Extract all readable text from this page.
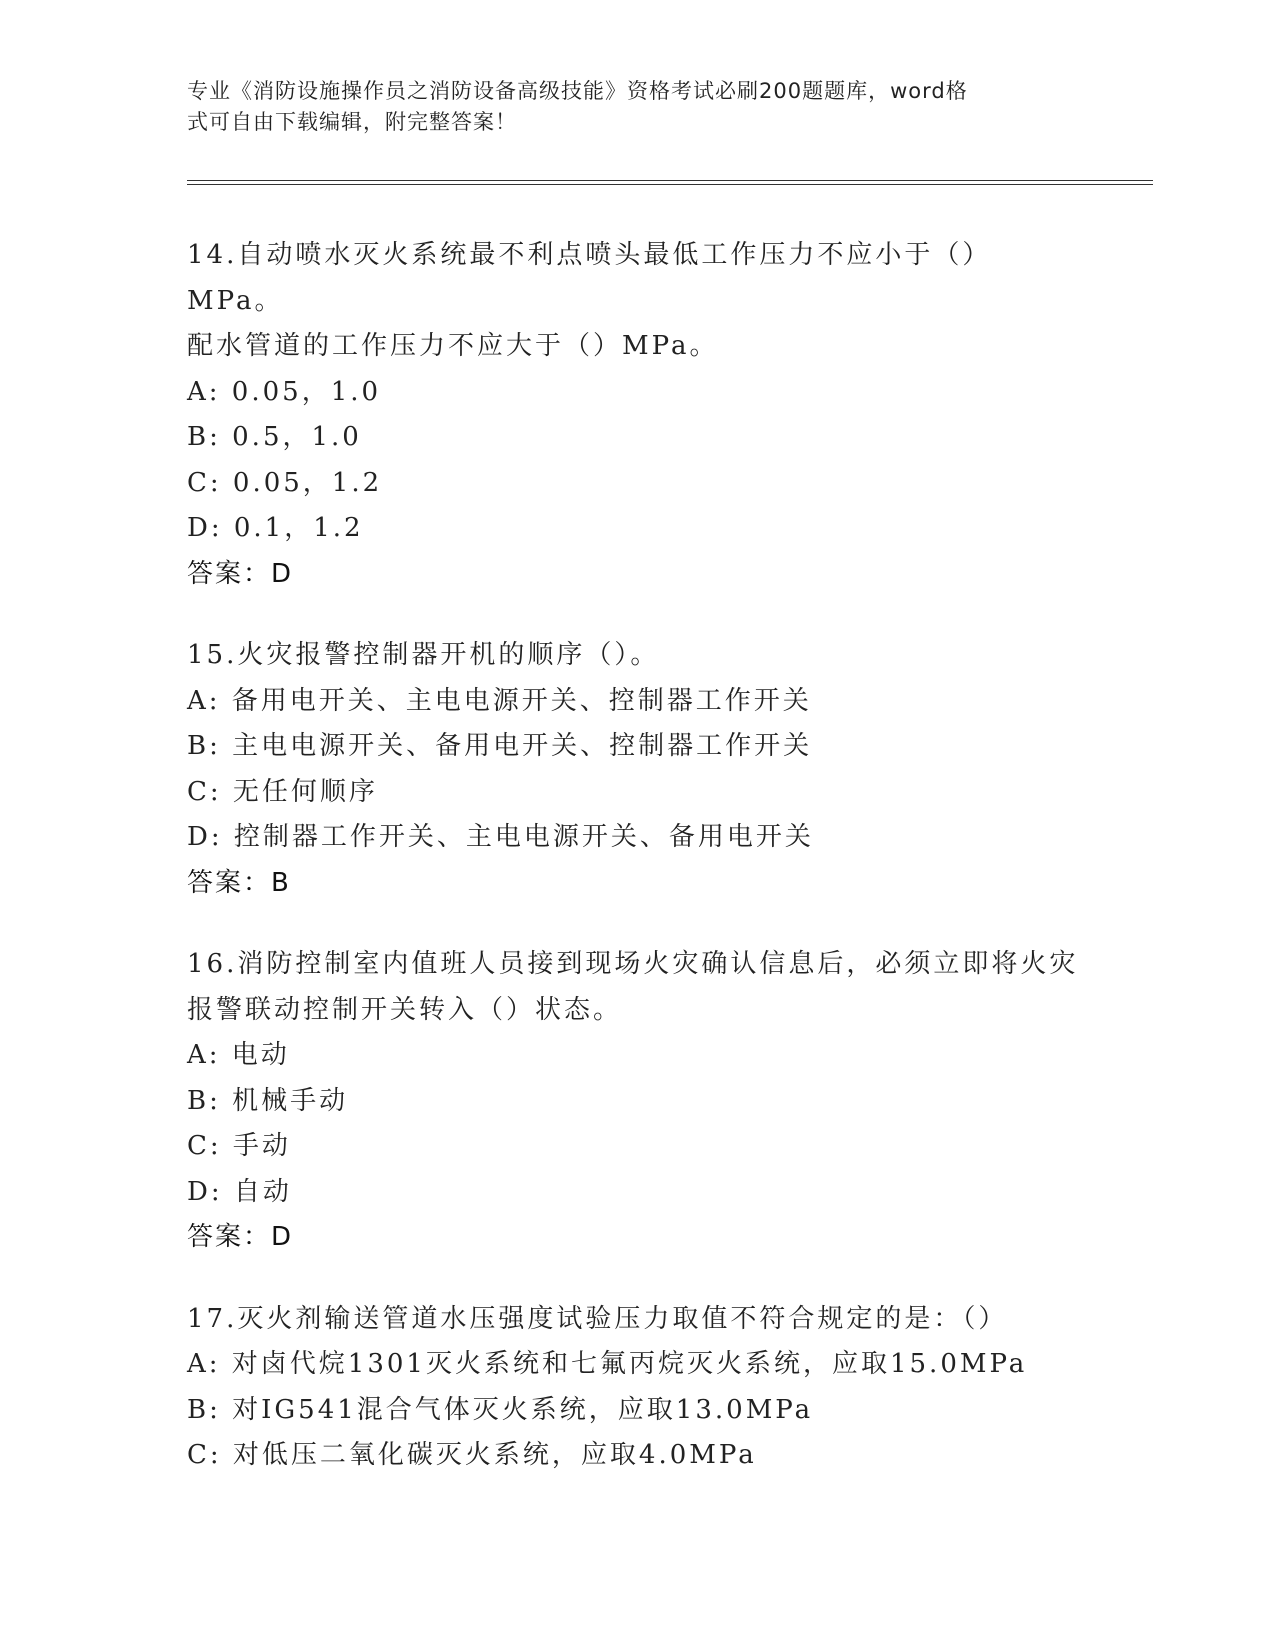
专业《消防设施操作员之消防设备高级技能》资格考试必刷200题题库，word格
式可自由下载编辑，附完整答案！
14.自动喷水灭火系统最不利点喷头最低工作压力不应小于（）MPa。
配水管道的工作压力不应大于（）MPa。
A: 0.05，1.0
B: 0.5，1.0
C: 0.05，1.2
D: 0.1，1.2
答案：D
15.火灾报警控制器开机的顺序（）。
A: 备用电开关、主电电源开关、控制器工作开关
B: 主电电源开关、备用电开关、控制器工作开关
C: 无任何顺序
D: 控制器工作开关、主电电源开关、备用电开关
答案：B
16.消防控制室内值班人员接到现场火灾确认信息后，必须立即将火灾
报警联动控制开关转入（）状态。
A: 电动
B: 机械手动
C: 手动
D: 自动
答案：D
17.灭火剂输送管道水压强度试验压力取值不符合规定的是：（）
A: 对卤代烷1301灭火系统和七氟丙烷灭火系统，应取15.0MPa
B: 对IG541混合气体灭火系统，应取13.0MPa
C: 对低压二氧化碳灭火系统，应取4.0MPa
